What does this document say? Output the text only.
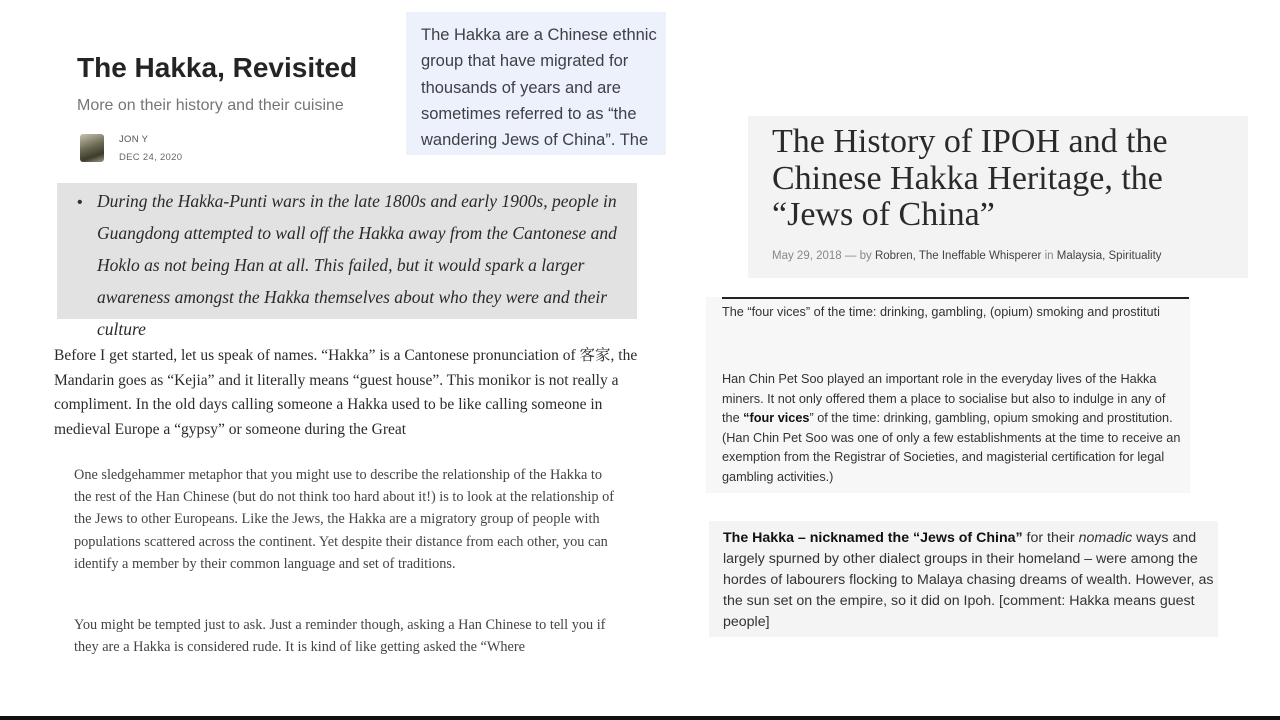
The Hakka, Revisited
More on their history and their cuisine
JON Y
DEC 24, 2020
The Hakka are a Chinese ethnic group that have migrated for thousands of years and are sometimes referred to as “the wandering Jews of China”. The
• During the Hakka-Punti wars in the late 1800s and early 1900s, people in Guangdong attempted to wall off the Hakka away from the Cantonese and Hoklo as not being Han at all. This failed, but it would spark a larger awareness amongst the Hakka themselves about who they were and their culture
Before I get started, let us speak of names. “Hakka” is a Cantonese pronunciation of 客家, the Mandarin goes as “Kejia” and it literally means “guest house”. This monikor is not really a compliment. In the old days calling someone a Hakka used to be like calling someone in medieval Europe a “gypsy” or someone during the Great
One sledgehammer metaphor that you might use to describe the relationship of the Hakka to the rest of the Han Chinese (but do not think too hard about it!) is to look at the relationship of the Jews to other Europeans. Like the Jews, the Hakka are a migratory group of people with populations scattered across the continent. Yet despite their distance from each other, you can identify a member by their common language and set of traditions.
You might be tempted just to ask. Just a reminder though, asking a Han Chinese to tell you if they are a Hakka is considered rude. It is kind of like getting asked the “Where
The History of IPOH and the Chinese Hakka Heritage, the “Jews of China”
May 29, 2018 — by Robren, The Ineffable Whisperer in Malaysia, Spirituality
The “four vices” of the time: drinking, gambling, (opium) smoking and prostituti
Han Chin Pet Soo played an important role in the everyday lives of the Hakka miners. It not only offered them a place to socialise but also to indulge in any of the “four vices” of the time: drinking, gambling, opium smoking and prostitution. (Han Chin Pet Soo was one of only a few establishments at the time to receive an exemption from the Registrar of Societies, and magisterial certification for legal gambling activities.)
The Hakka – nicknamed the “Jews of China” for their nomadic ways and largely spurned by other dialect groups in their homeland – were among the hordes of labourers flocking to Malaya chasing dreams of wealth. However, as the sun set on the empire, so it did on Ipoh. [comment: Hakka means guest people]
